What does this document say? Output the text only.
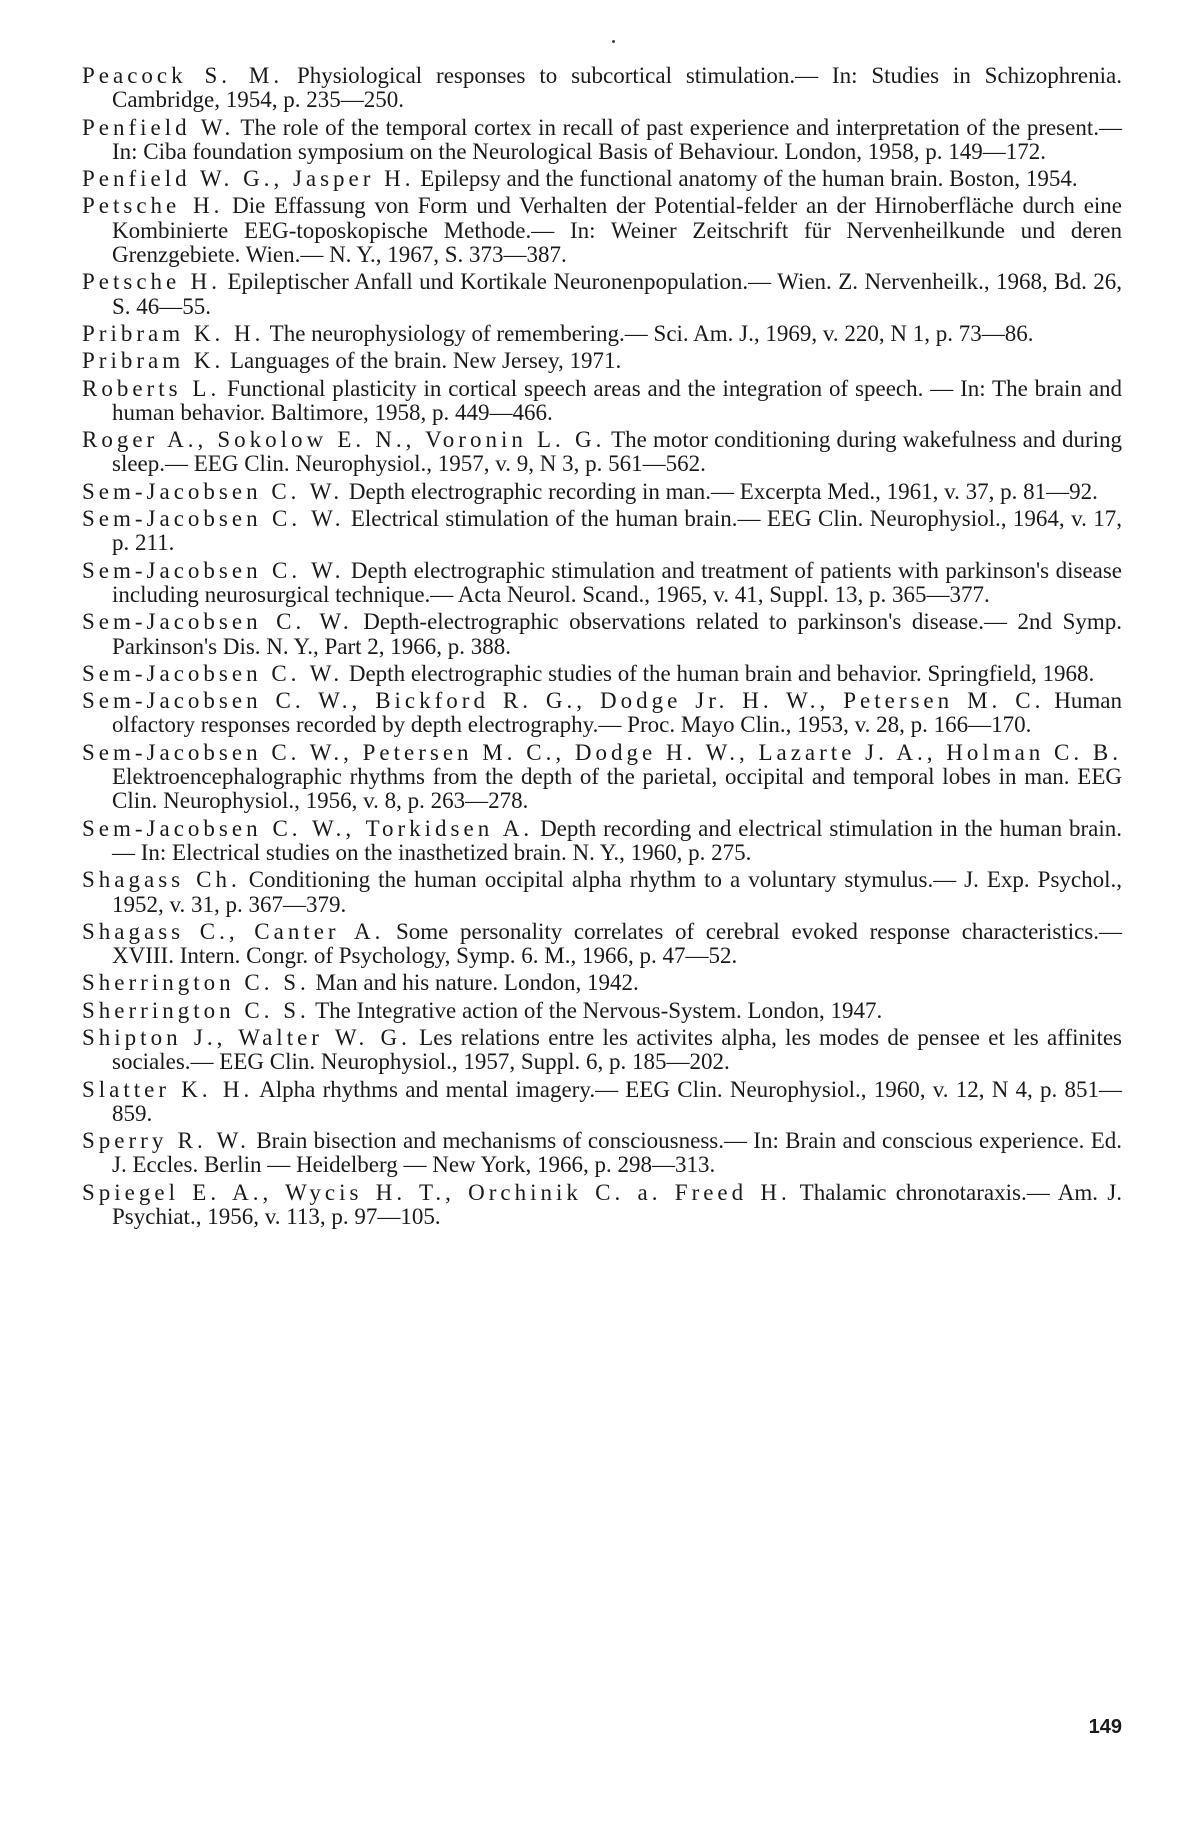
Peacock S. M. Physiological responses to subcortical stimulation.— In: Studies in Schizophrenia. Cambridge, 1954, p. 235—250.

Penfield W. The role of the temporal cortex in recall of past experience and interpretation of the present.— In: Ciba foundation symposium on the Neurological Basis of Behaviour. London, 1958, p. 149—172.

Penfield W. G., Jasper H. Epilepsy and the functional anatomy of the human brain. Boston, 1954.

Petsche H. Die Effassung von Form und Verhalten der Potential-felder an der Hirnoberfläche durch eine Kombinierte EEG-toposkopische Methode.— In: Weiner Zeitschrift für Nervenheilkunde und deren Grenzgebiete. Wien.— N. Y., 1967, S. 373—387.

Petsche H. Epileptischer Anfall und Kortikale Neuronenpopulation.— Wien. Z. Nervenheilk., 1968, Bd. 26, S. 46—55.

Pribram K. H. The neurophysiology of remembering.— Sci. Am. J., 1969, v. 220, N 1, p. 73—86.

Pribram K. Languages of the brain. New Jersey, 1971.

Roberts L. Functional plasticity in cortical speech areas and the integration of speech. — In: The brain and human behavior. Baltimore, 1958, p. 449—466.

Roger A., Sokolow E. N., Voronin L. G. The motor conditioning during wakefulness and during sleep.— EEG Clin. Neurophysiol., 1957, v. 9, N 3, p. 561—562.

Sem-Jacobsen C. W. Depth electrographic recording in man.— Excerpta Med., 1961, v. 37, p. 81—92.

Sem-Jacobsen C. W. Electrical stimulation of the human brain.— EEG Clin. Neurophysiol., 1964, v. 17, p. 211.

Sem-Jacobsen C. W. Depth electrographic stimulation and treatment of patients with parkinson's disease including neurosurgical technique.— Acta Neurol. Scand., 1965, v. 41, Suppl. 13, p. 365—377.

Sem-Jacobsen C. W. Depth-electrographic observations related to parkinson's disease.— 2nd Symp. Parkinson's Dis. N. Y., Part 2, 1966, p. 388.

Sem-Jacobsen C. W. Depth electrographic studies of the human brain and behavior. Springfield, 1968.

Sem-Jacobsen C. W., Bickford R. G., Dodge Jr. H. W., Petersen M. C. Human olfactory responses recorded by depth electrography.— Proc. Mayo Clin., 1953, v. 28, p. 166—170.

Sem-Jacobsen C. W., Petersen M. C., Dodge H. W., Lazarte J. A., Holman C. B. Elektroencephalographic rhythms from the depth of the parietal, occipital and temporal lobes in man. EEG Clin. Neurophysiol., 1956, v. 8, p. 263—278.

Sem-Jacobsen C. W., Torkidsen A. Depth recording and electrical stimulation in the human brain.— In: Electrical studies on the inasthetized brain. N. Y., 1960, p. 275.

Shagass Ch. Conditioning the human occipital alpha rhythm to a voluntary stymulus.— J. Exp. Psychol., 1952, v. 31, p. 367—379.

Shagass C., Canter A. Some personality correlates of cerebral evoked response characteristics.— XVIII. Intern. Congr. of Psychology, Symp. 6. M., 1966, p. 47—52.

Sherrington C. S. Man and his nature. London, 1942.

Sherrington C. S. The Integrative action of the Nervous-System. London, 1947.

Shipton J., Walter W. G. Les relations entre les activites alpha, les modes de pensee et les affinites sociales.— EEG Clin. Neurophysiol., 1957, Suppl. 6, p. 185—202.

Slatter K. H. Alpha rhythms and mental imagery.— EEG Clin. Neurophysiol., 1960, v. 12, N 4, p. 851—859.

Sperry R. W. Brain bisection and mechanisms of consciousness.— In: Brain and conscious experience. Ed. J. Eccles. Berlin — Heidelberg — New York, 1966, p. 298—313.

Spiegel E. A., Wycis H. T., Orchinik C. a. Freed H. Thalamic chronotaraxis.— Am. J. Psychiat., 1956, v. 113, p. 97—105.

149
